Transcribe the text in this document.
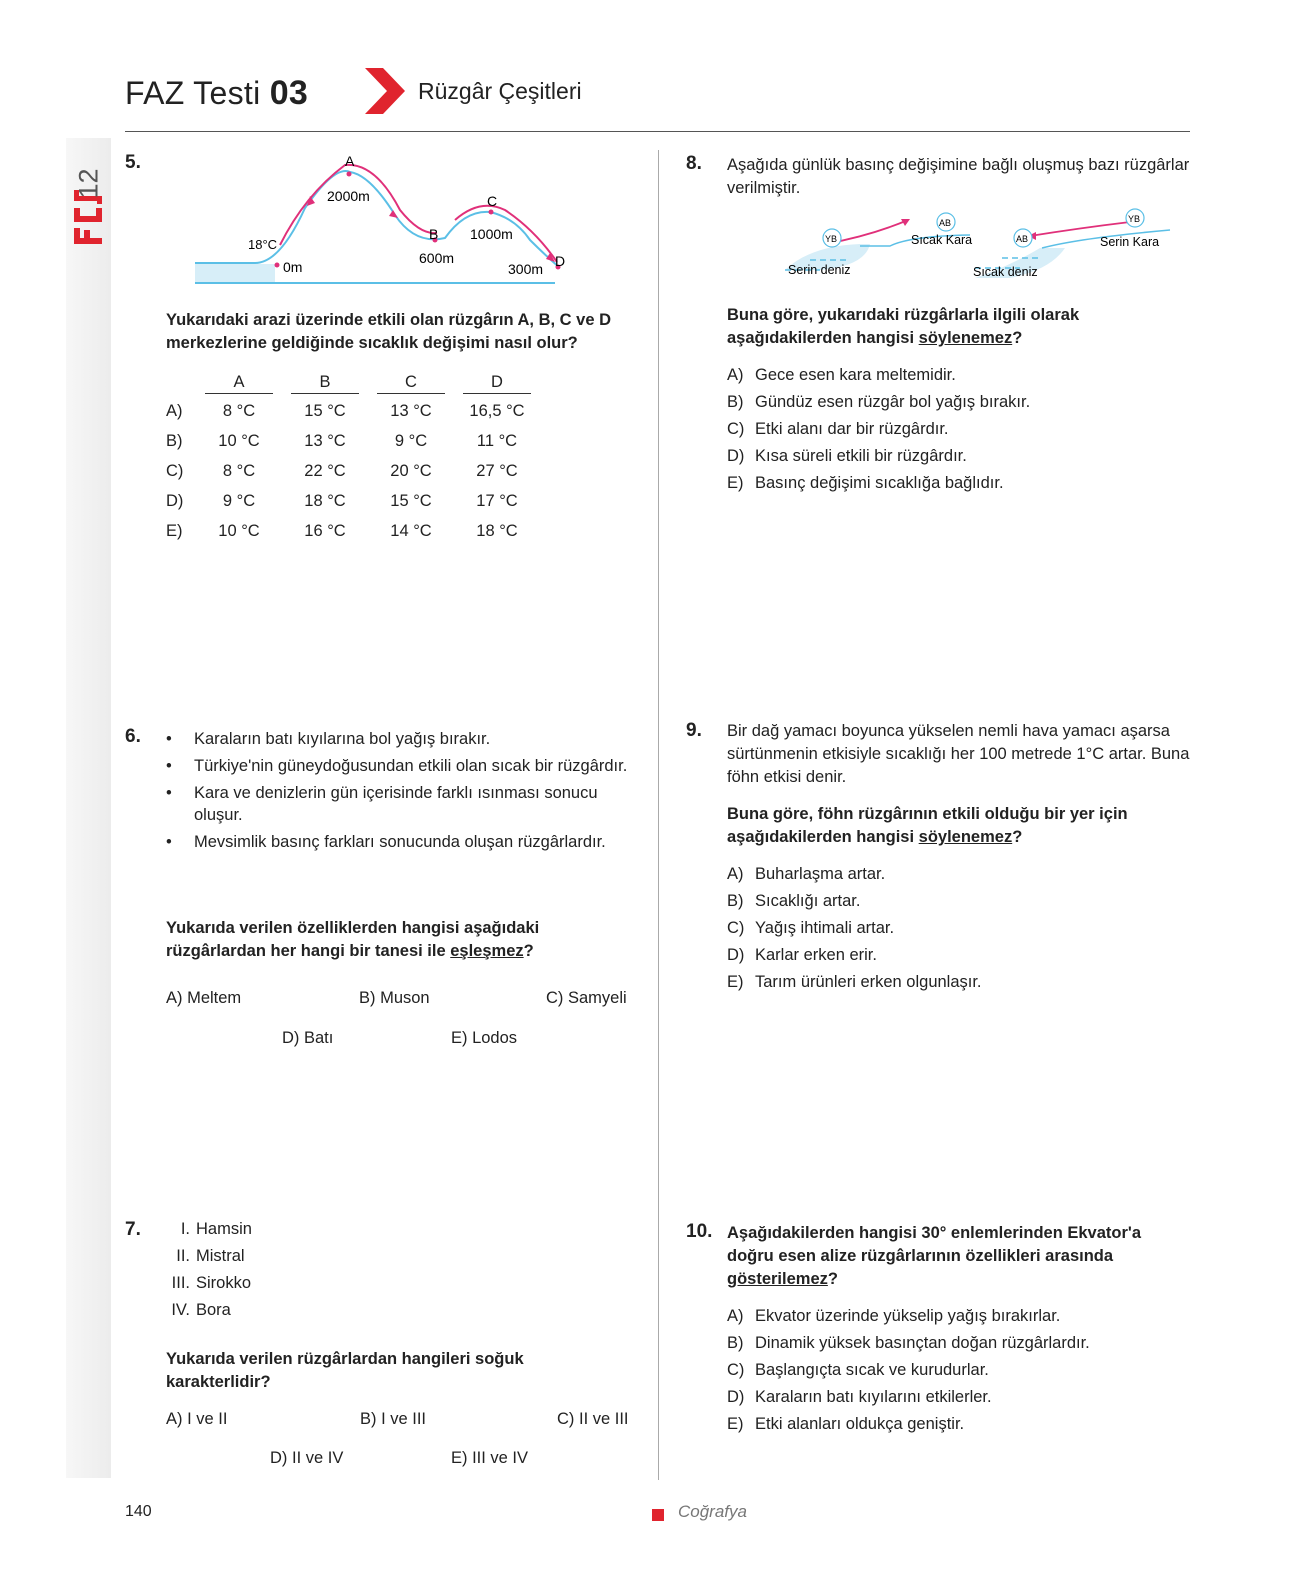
FAZ Testi 03	Rüzgâr Çeşitleri
12
5.	A
2000m
B
600m
C
1000m
D
300m
18°C
0m
Yukarıdaki arazi üzerinde etkili olan rüzgârın A, B, C ve D merkezlerine geldiğinde sıcaklık değişimi nasıl olur?
	A	B	C	D
A)	8 °C	15 °C	13 °C	16,5 °C
B)	10 °C	13 °C	9 °C	11 °C
C)	8 °C	22 °C	20 °C	27 °C
D)	9 °C	18 °C	15 °C	17 °C
E)	10 °C	16 °C	14 °C	18 °C
6.	• Karaların batı kıyılarına bol yağış bırakır.
• Türkiye'nin güneydoğusundan etkili olan sıcak bir rüzgârdır.
• Kara ve denizlerin gün içerisinde farklı ısınması sonucu oluşur.
• Mevsimlik basınç farkları sonucunda oluşan rüzgârlardır.
Yukarıda verilen özelliklerden hangisi aşağıdaki rüzgârlardan her hangi bir tanesi ile eşleşmez?
A) Meltem	B) Muson	C) Samyeli
D) Batı	E) Lodos
7.	I. Hamsin
II. Mistral
III. Sirokko
IV. Bora
Yukarıda verilen rüzgârlardan hangileri soğuk karakterlidir?
A) I ve II	B) I ve III	C) II ve III
D) II ve IV	E) III ve IV
8. Aşağıda günlük basınç değişimine bağlı oluşmuş bazı rüzgârlar verilmiştir.
YB
AB
Sıcak Kara
Serin deniz
AB
YB
Serin Kara
Sıcak deniz
Buna göre, yukarıdaki rüzgârlarla ilgili olarak aşağıdakilerden hangisi söylenemez?
A) Gece esen kara meltemidir.
B) Gündüz esen rüzgâr bol yağış bırakır.
C) Etki alanı dar bir rüzgârdır.
D) Kısa süreli etkili bir rüzgârdır.
E) Basınç değişimi sıcaklığa bağlıdır.
9. Bir dağ yamacı boyunca yükselen nemli hava yamacı aşarsa sürtünmenin etkisiyle sıcaklığı her 100 metrede 1°C artar. Buna föhn etkisi denir.
Buna göre, föhn rüzgârının etkili olduğu bir yer için aşağıdakilerden hangisi söylenemez?
A) Buharlaşma artar.
B) Sıcaklığı artar.
C) Yağış ihtimali artar.
D) Karlar erken erir.
E) Tarım ürünleri erken olgunlaşır.
10. Aşağıdakilerden hangisi 30° enlemlerinden Ekvator'a doğru esen alize rüzgârlarının özellikleri arasında gösterilemez?
A) Ekvator üzerinde yükselip yağış bırakırlar.
B) Dinamik yüksek basınçtan doğan rüzgârlardır.
C) Başlangıçta sıcak ve kurudurlar.
D) Karaların batı kıyılarını etkilerler.
E) Etki alanları oldukça geniştir.
140	Coğrafya
